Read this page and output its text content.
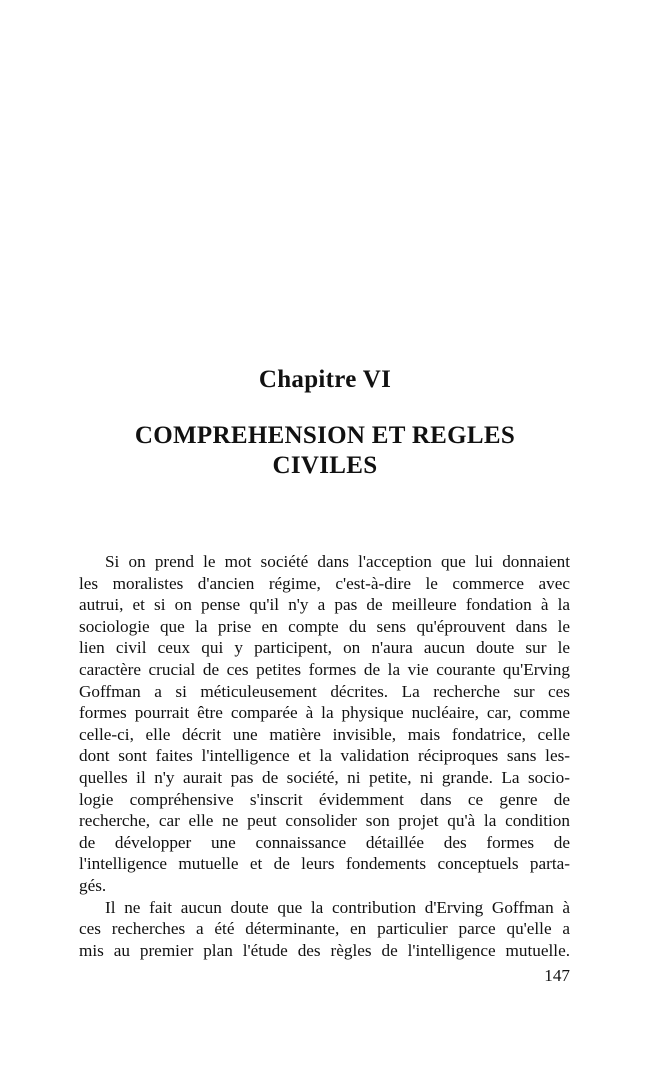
Chapitre VI
COMPREHENSION ET REGLES
CIVILES
Si on prend le mot société dans l'acception que lui donnaient
les moralistes d'ancien régime, c'est-à-dire le commerce avec
autrui, et si on pense qu'il n'y a pas de meilleure fondation à la
sociologie que la prise en compte du sens qu'éprouvent dans le
lien civil ceux qui y participent, on n'aura aucun doute sur le
caractère crucial de ces petites formes de la vie courante qu'Erving
Goffman a si méticuleusement décrites. La recherche sur ces
formes pourrait être comparée à la physique nucléaire, car, comme
celle-ci, elle décrit une matière invisible, mais fondatrice, celle
dont sont faites l'intelligence et la validation réciproques sans les-
quelles il n'y aurait pas de société, ni petite, ni grande. La socio-
logie compréhensive s'inscrit évidemment dans ce genre de
recherche, car elle ne peut consolider son projet qu'à la condition
de développer une connaissance détaillée des formes de
l'intelligence mutuelle et de leurs fondements conceptuels parta-
gés.
Il ne fait aucun doute que la contribution d'Erving Goffman à
ces recherches a été déterminante, en particulier parce qu'elle a
mis au premier plan l'étude des règles de l'intelligence mutuelle.
147
